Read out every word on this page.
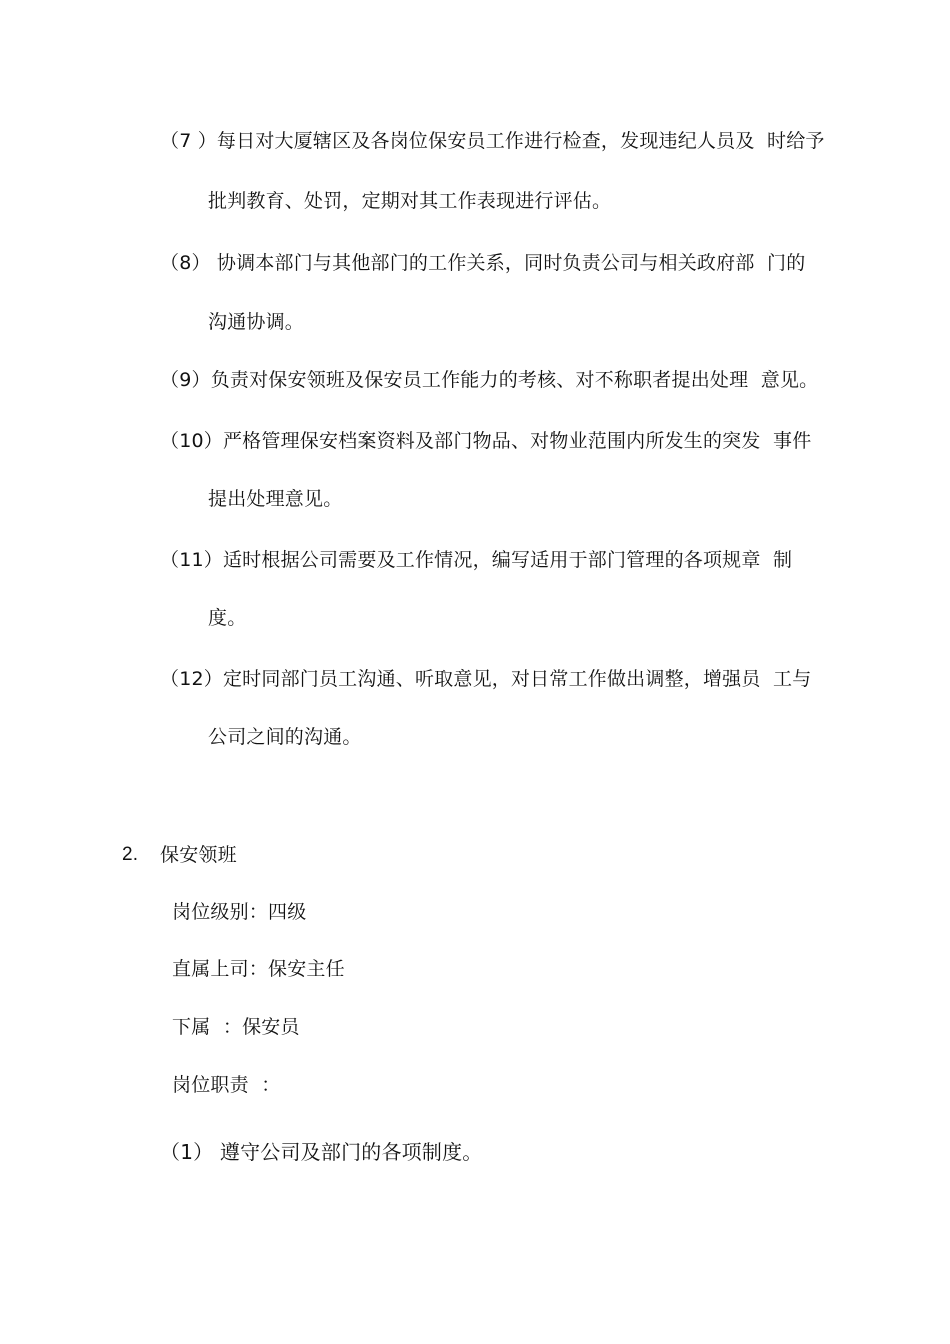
（7 ）每日对大厦辖区及各岗位保安员工作进行检查，发现违纪人员及  时给予
批判教育、处罚，定期对其工作表现进行评估。
（8） 协调本部门与其他部门的工作关系，同时负责公司与相关政府部  门的
沟通协调。
（9）负责对保安领班及保安员工作能力的考核、对不称职者提出处理  意见。
（10）严格管理保安档案资料及部门物品、对物业范围内所发生的突发  事件
提出处理意见。
（11）适时根据公司需要及工作情况，编写适用于部门管理的各项规章  制
度。
（12）定时同部门员工沟通、听取意见，对日常工作做出调整，增强员  工与
公司之间的沟通。
2. 保安领班
岗位级别：四级
直属上司：保安主任
下属  ：保安员
岗位职责  ：
（1） 遵守公司及部门的各项制度。
